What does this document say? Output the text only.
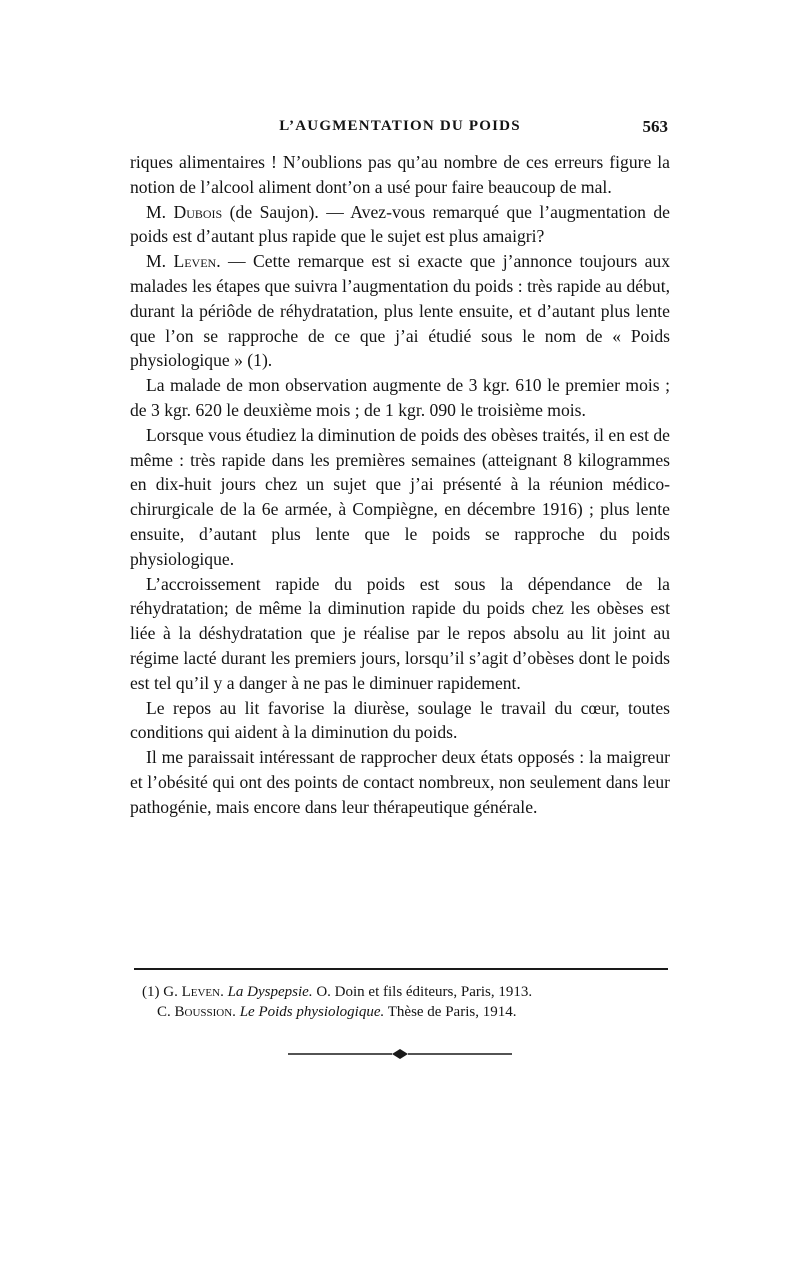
L’AUGMENTATION DU POIDS	563

riques alimentaires ! N’oublions pas qu’au nombre de ces erreurs figure la notion de l’alcool aliment dont’on a usé pour faire beaucoup de mal.

M. Dubois (de Saujon). — Avez-vous remarqué que l’augmentation de poids est d’autant plus rapide que le sujet est plus amaigri?

M. Leven. — Cette remarque est si exacte que j’annonce toujours aux malades les étapes que suivra l’augmentation du poids : très rapide au début, durant la périôde de réhydratation, plus lente ensuite, et d’autant plus lente que l’on se rapproche de ce que j’ai étudié sous le nom de « Poids physiologique » (1).

La malade de mon observation augmente de 3 kgr. 610 le premier mois ; de 3 kgr. 620 le deuxième mois ; de 1 kgr. 090 le troisième mois.

Lorsque vous étudiez la diminution de poids des obèses traités, il en est de même : très rapide dans les premières semaines (atteignant 8 kilogrammes en dix-huit jours chez un sujet que j’ai présenté à la réunion médico-chirurgicale de la 6e armée, à Compiègne, en décembre 1916) ; plus lente ensuite, d’autant plus lente que le poids se rapproche du poids physiologique.

L’accroissement rapide du poids est sous la dépendance de la réhydratation; de même la diminution rapide du poids chez les obèses est liée à la déshydratation que je réalise par le repos absolu au lit joint au régime lacté durant les premiers jours, lorsqu’il s’agit d’obèses dont le poids est tel qu’il y a danger à ne pas le diminuer rapidement.

Le repos au lit favorise la diurèse, soulage le travail du cœur, toutes conditions qui aident à la diminution du poids.

Il me paraissait intéressant de rapprocher deux états opposés : la maigreur et l’obésité qui ont des points de contact nombreux, non seulement dans leur pathogénie, mais encore dans leur thérapeutique générale.

(1) G. Leven. La Dyspepsie. O. Doin et fils éditeurs, Paris, 1913.
C. Boussion. Le Poids physiologique. Thèse de Paris, 1914.
